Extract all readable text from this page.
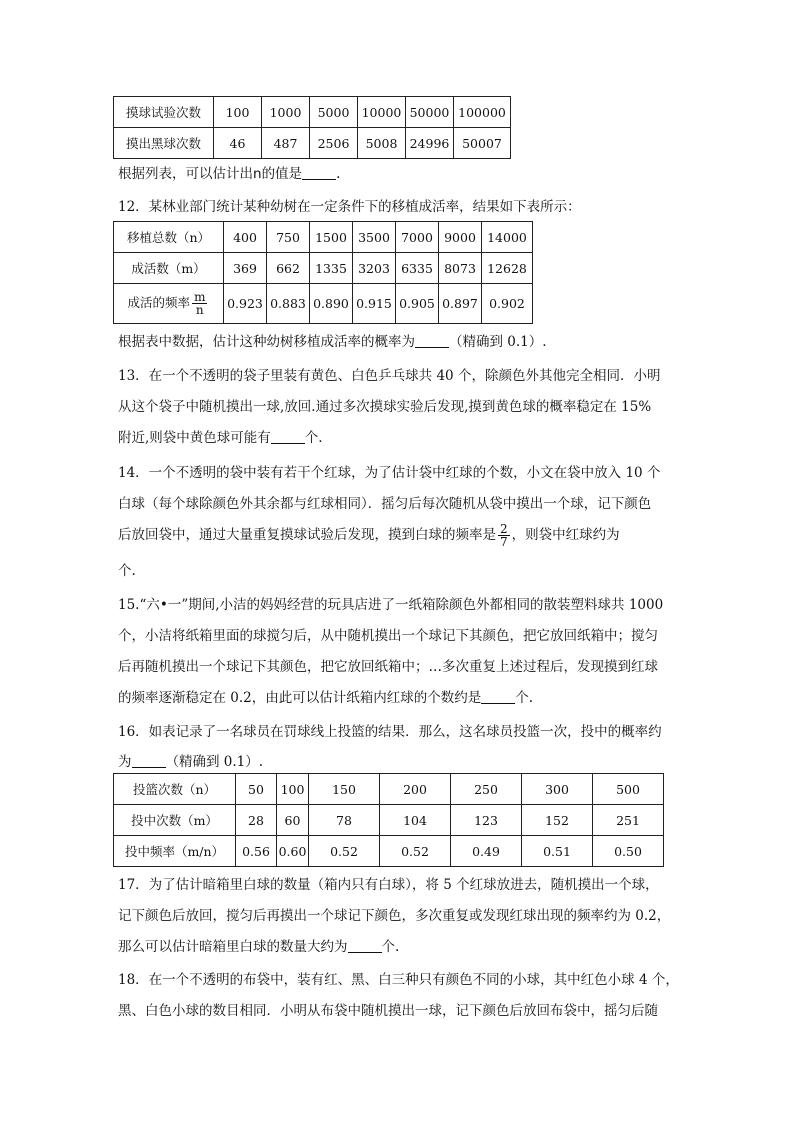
摸球试验次数	100	1000	5000	10000	50000	100000
摸出黑球次数	46	487	2506	5008	24996	50007
根据列表，可以估计出n的值是	.
12．某林业部门统计某种幼树在一定条件下的移植成活率，结果如下表所示：
移植总数（n）	400	750	1500	3500	7000	9000	14000
成活数（m）	369	662	1335	3203	6335	8073	12628
成活的频率 $\frac{m}{n}$	0.923	0.883	0.890	0.915	0.905	0.897	0.902
根据表中数据，估计这种幼树移植成活率的概率为	（精确到 0.1）.
13．在一个不透明的袋子里装有黄色、白色乒乓球共 40 个，除颜色外其他完全相同．小明
从这个袋子中随机摸出一球,放回.通过多次摸球实验后发现,摸到黄色球的概率稳定在 15%
附近,则袋中黄色球可能有	个.
14．一个不透明的袋中装有若干个红球，为了估计袋中红球的个数，小文在袋中放入 10 个
白球（每个球除颜色外其余都与红球相同）．摇匀后每次随机从袋中摸出一个球，记下颜色
后放回袋中，通过大量重复摸球试验后发现，摸到白球的频率是 $\frac{2}{7}$ ，则袋中红球约为
个.
15.“六•一”期间,小洁的妈妈经营的玩具店进了一纸箱除颜色外都相同的散装塑料球共 1000
个，小洁将纸箱里面的球搅匀后，从中随机摸出一个球记下其颜色，把它放回纸箱中；搅匀
后再随机摸出一个球记下其颜色，把它放回纸箱中；…多次重复上述过程后，发现摸到红球
的频率逐渐稳定在 0.2，由此可以估计纸箱内红球的个数约是	个.
16．如表记录了一名球员在罚球线上投篮的结果．那么，这名球员投篮一次，投中的概率约
为	（精确到 0.1）.
投篮次数（n）	50	100	150	200	250	300	500
投中次数（m）	28	60	78	104	123	152	251
投中频率（m/n）	0.56	0.60	0.52	0.52	0.49	0.51	0.50
17．为了估计暗箱里白球的数量（箱内只有白球），将 5 个红球放进去，随机摸出一个球，
记下颜色后放回，搅匀后再摸出一个球记下颜色，多次重复或发现红球出现的频率约为 0.2，
那么可以估计暗箱里白球的数量大约为	个.
18．在一个不透明的布袋中，装有红、黑、白三种只有颜色不同的小球，其中红色小球 4 个，
黑、白色小球的数目相同．小明从布袋中随机摸出一球，记下颜色后放回布袋中，摇匀后随
